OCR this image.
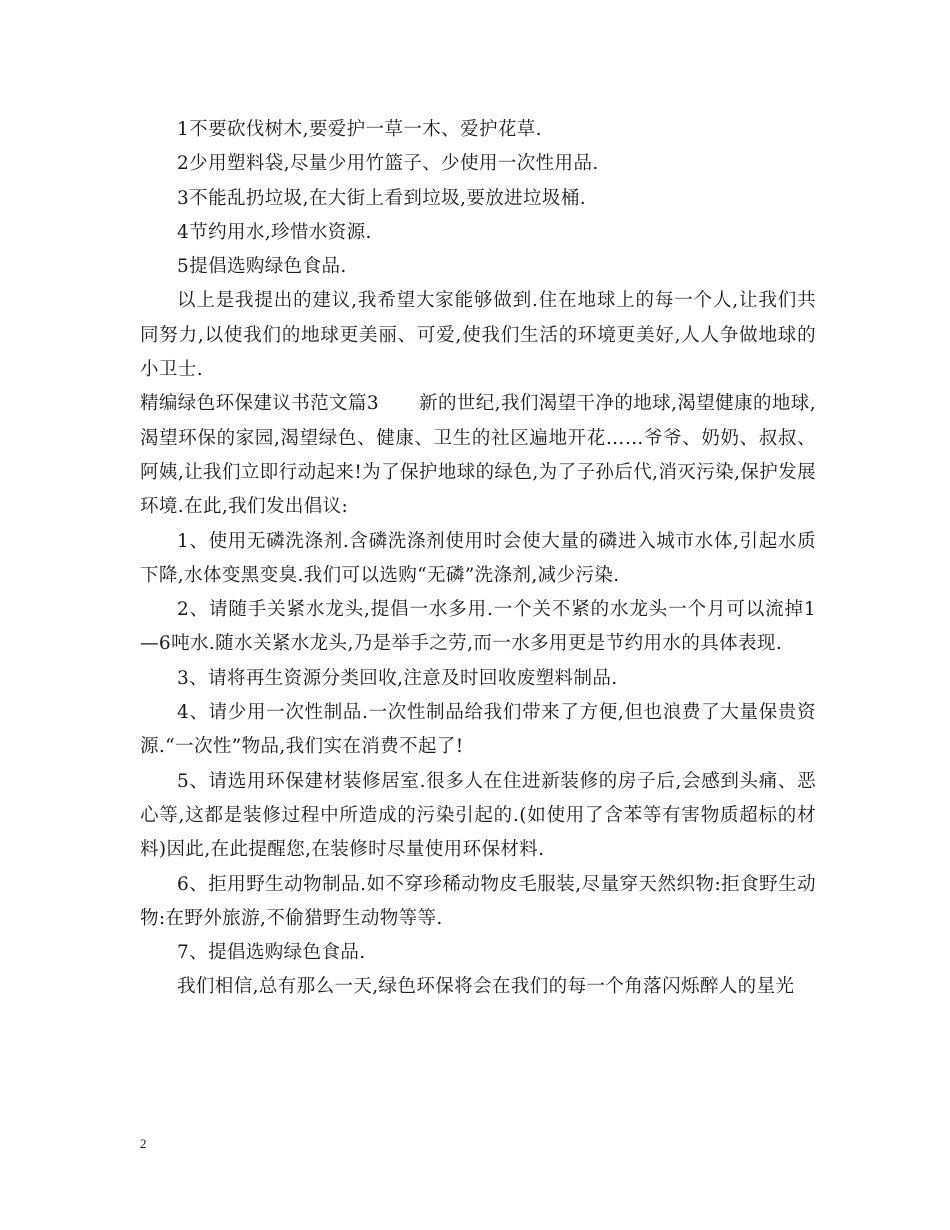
1不要砍伐树木,要爱护一草一木、爱护花草.

2少用塑料袋,尽量少用竹篮子、少使用一次性用品.

3不能乱扔垃圾,在大街上看到垃圾,要放进垃圾桶.

4节约用水,珍惜水资源.

5提倡选购绿色食品.

以上是我提出的建议,我希望大家能够做到.住在地球上的每一个人,让我们共同努力,以使我们的地球更美丽、可爱,使我们生活的环境更美好,人人争做地球的小卫士.

精编绿色环保建议书范文篇3 新的世纪,我们渴望干净的地球,渴望健康的地球,渴望环保的家园,渴望绿色、健康、卫生的社区遍地开花……爷爷、奶奶、叔叔、阿姨,让我们立即行动起来!为了保护地球的绿色,为了子孙后代,消灭污染,保护发展环境.在此,我们发出倡议:

1、使用无磷洗涤剂.含磷洗涤剂使用时会使大量的磷进入城市水体,引起水质下降,水体变黑变臭.我们可以选购“无磷”洗涤剂,减少污染.

2、请随手关紧水龙头,提倡一水多用.一个关不紧的水龙头一个月可以流掉1—6吨水.随水关紧水龙头,乃是举手之劳,而一水多用更是节约用水的具体表现.

3、请将再生资源分类回收,注意及时回收废塑料制品.

4、请少用一次性制品.一次性制品给我们带来了方便,但也浪费了大量保贵资源.“一次性”物品,我们实在消费不起了!

5、请选用环保建材装修居室.很多人在住进新装修的房子后,会感到头痛、恶心等,这都是装修过程中所造成的污染引起的.(如使用了含苯等有害物质超标的材料)因此,在此提醒您,在装修时尽量使用环保材料.

6、拒用野生动物制品.如不穿珍稀动物皮毛服装,尽量穿天然织物:拒食野生动物:在野外旅游,不偷猎野生动物等等.

7、提倡选购绿色食品.

我们相信,总有那么一天,绿色环保将会在我们的每一个角落闪烁醉人的星光

2
